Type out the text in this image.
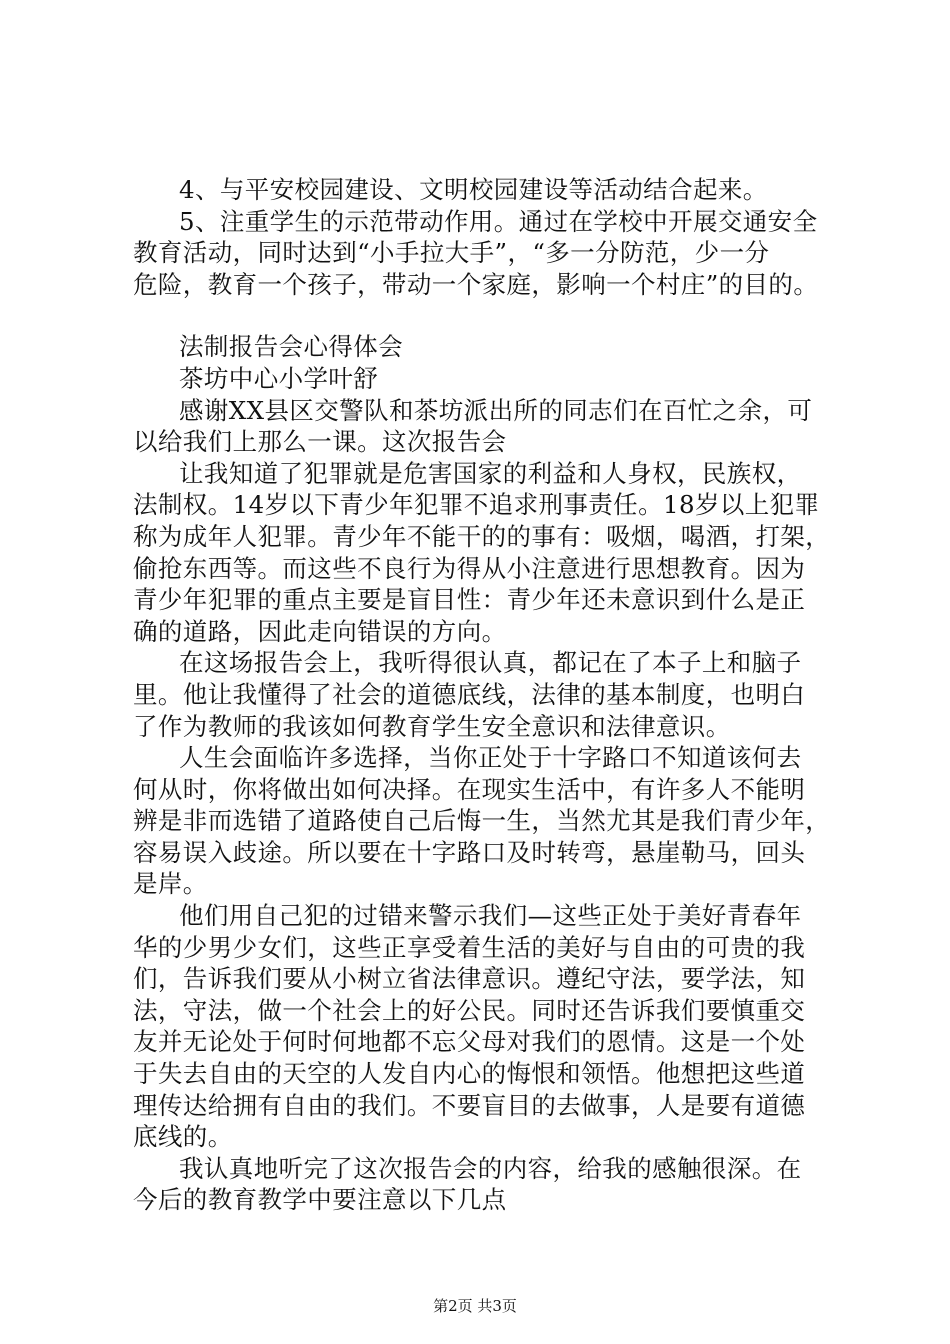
4、与平安校园建设、文明校园建设等活动结合起来。
5、注重学生的示范带动作用。通过在学校中开展交通安全
教育活动，同时达到“小手拉大手”，“多一分防范，少一分
危险，教育一个孩子，带动一个家庭，影响一个村庄”的目的。
法制报告会心得体会
茶坊中心小学叶舒
感谢XX县区交警队和茶坊派出所的同志们在百忙之余，可
以给我们上那么一课。这次报告会
让我知道了犯罪就是危害国家的利益和人身权，民族权，
法制权。14岁以下青少年犯罪不追求刑事责任。18岁以上犯罪
称为成年人犯罪。青少年不能干的的事有：吸烟，喝酒，打架，
偷抢东西等。而这些不良行为得从小注意进行思想教育。因为
青少年犯罪的重点主要是盲目性：青少年还未意识到什么是正
确的道路，因此走向错误的方向。
在这场报告会上，我听得很认真，都记在了本子上和脑子
里。他让我懂得了社会的道德底线，法律的基本制度，也明白
了作为教师的我该如何教育学生安全意识和法律意识。
人生会面临许多选择，当你正处于十字路口不知道该何去
何从时，你将做出如何决择。在现实生活中，有许多人不能明
辨是非而选错了道路使自己后悔一生，当然尤其是我们青少年，
容易误入歧途。所以要在十字路口及时转弯，悬崖勒马，回头
是岸。
他们用自己犯的过错来警示我们—这些正处于美好青春年
华的少男少女们，这些正享受着生活的美好与自由的可贵的我
们，告诉我们要从小树立省法律意识。遵纪守法，要学法，知
法，守法，做一个社会上的好公民。同时还告诉我们要慎重交
友并无论处于何时何地都不忘父母对我们的恩情。这是一个处
于失去自由的天空的人发自内心的悔恨和领悟。他想把这些道
理传达给拥有自由的我们。不要盲目的去做事，人是要有道德
底线的。
我认真地听完了这次报告会的内容，给我的感触很深。在
今后的教育教学中要注意以下几点
第2页 共3页
